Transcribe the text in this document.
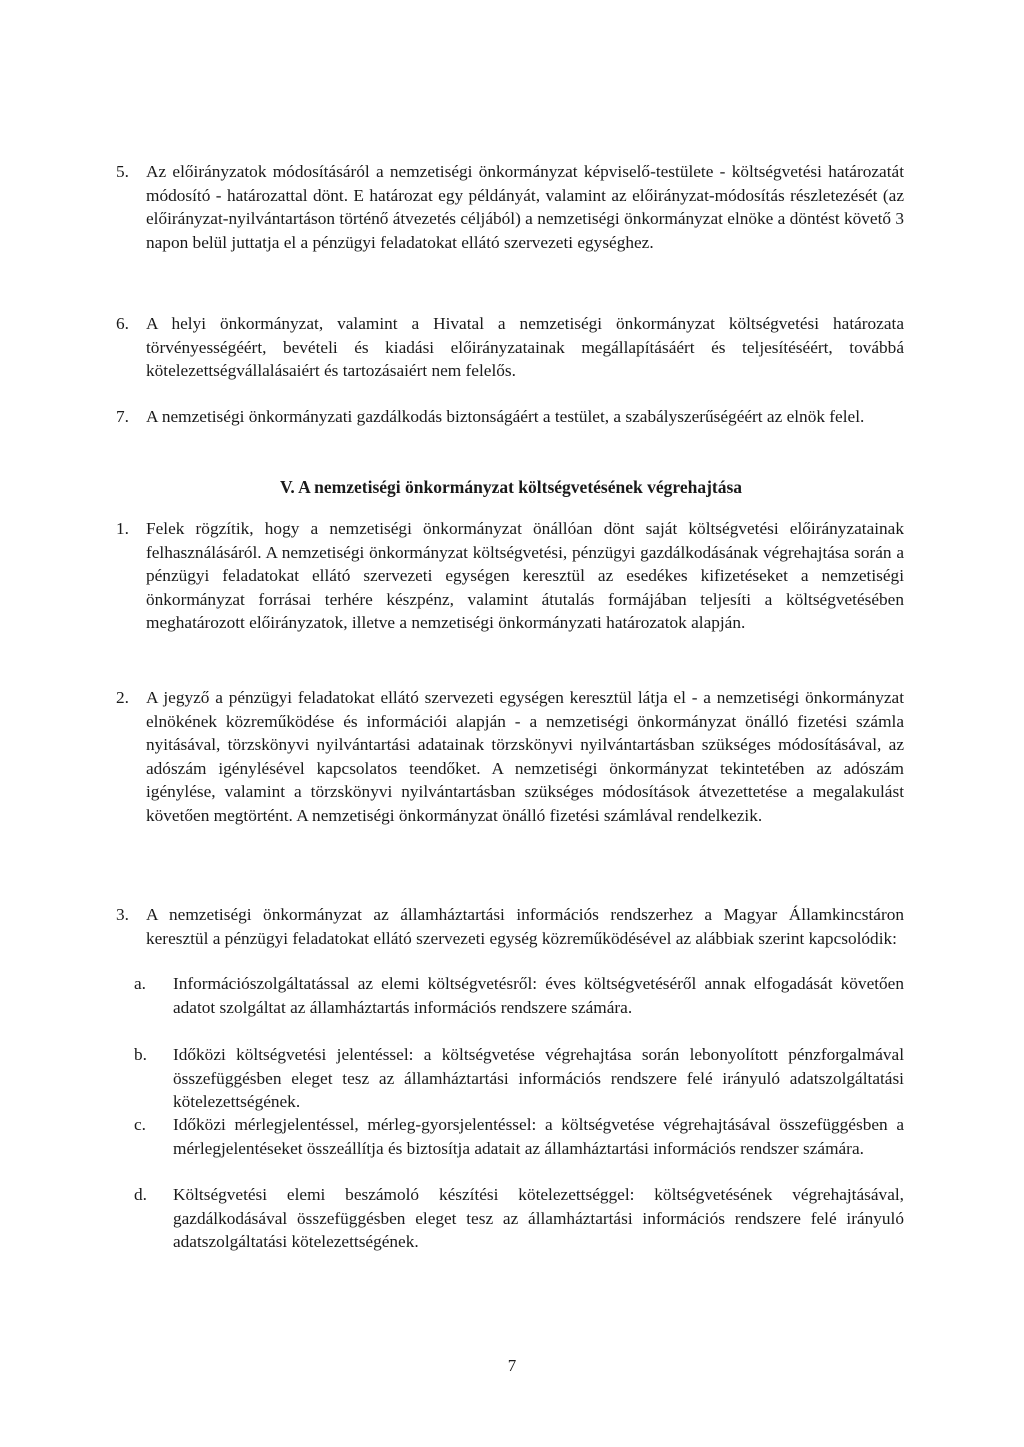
5. Az előirányzatok módosításáról a nemzetiségi önkormányzat képviselő-testülete - költségvetési határozatát módosító - határozattal dönt. E határozat egy példányát, valamint az előirányzat-módosítás részletezését (az előirányzat-nyilvántartáson történő átvezetés céljából) a nemzetiségi önkormányzat elnöke a döntést követő 3 napon belül juttatja el a pénzügyi feladatokat ellátó szervezeti egységhez.
6. A helyi önkormányzat, valamint a Hivatal a nemzetiségi önkormányzat költségvetési határozata törvényességéért, bevételi és kiadási előirányzatainak megállapításáért és teljesítéséért, továbbá kötelezettségvállalásaiért és tartozásaiért nem felelős.
7. A nemzetiségi önkormányzati gazdálkodás biztonságáért a testület, a szabályszerűségéért az elnök felel.
V. A nemzetiségi önkormányzat költségvetésének végrehajtása
1. Felek rögzítik, hogy a nemzetiségi önkormányzat önállóan dönt saját költségvetési előirányzatainak felhasználásáról. A nemzetiségi önkormányzat költségvetési, pénzügyi gazdálkodásának végrehajtása során a pénzügyi feladatokat ellátó szervezeti egységen keresztül az esedékes kifizetéseket a nemzetiségi önkormányzat forrásai terhére készpénz, valamint átutalás formájában teljesíti a költségvetésében meghatározott előirányzatok, illetve a nemzetiségi önkormányzati határozatok alapján.
2. A jegyző a pénzügyi feladatokat ellátó szervezeti egységen keresztül látja el - a nemzetiségi önkormányzat elnökének közreműködése és információi alapján - a nemzetiségi önkormányzat önálló fizetési számla nyitásával, törzskönyvi nyilvántartási adatainak törzskönyvi nyilvántartásban szükséges módosításával, az adószám igénylésével kapcsolatos teendőket. A nemzetiségi önkormányzat tekintetében az adószám igénylése, valamint a törzskönyvi nyilvántartásban szükséges módosítások átvezettetése a megalakulást követően megtörtént. A nemzetiségi önkormányzat önálló fizetési számlával rendelkezik.
3. A nemzetiségi önkormányzat az államháztartási információs rendszerhez a Magyar Államkincstáron keresztül a pénzügyi feladatokat ellátó szervezeti egység közreműködésével az alábbiak szerint kapcsolódik:
a. Információszolgáltatással az elemi költségvetésről: éves költségvetéséről annak elfogadását követően adatot szolgáltat az államháztartás információs rendszere számára.
b. Időközi költségvetési jelentéssel: a költségvetése végrehajtása során lebonyolított pénzforgalmával összefüggésben eleget tesz az államháztartási információs rendszere felé irányuló adatszolgáltatási kötelezettségének.
c. Időközi mérlegjelentéssel, mérleg-gyorsjelentéssel: a költségvetése végrehajtásával összefüggésben a mérlegjelentéseket összeállítja és biztosítja adatait az államháztartási információs rendszer számára.
d. Költségvetési elemi beszámoló készítési kötelezettséggel: költségvetésének végrehajtásával, gazdálkodásával összefüggésben eleget tesz az államháztartási információs rendszere felé irányuló adatszolgáltatási kötelezettségének.
7
